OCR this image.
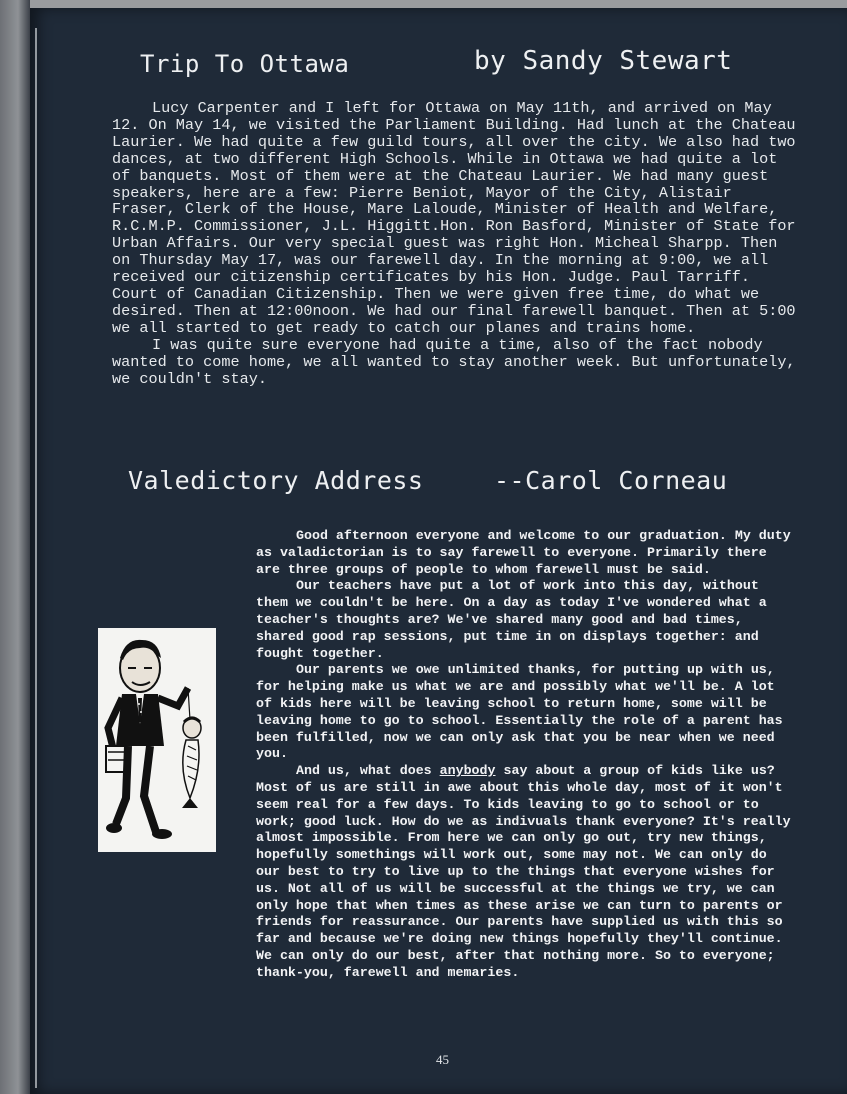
Trip To Ottawa	by Sandy Stewart

Lucy Carpenter and I left for Ottawa on May 11th, and arrived on May 12. On May 14, we visited the Parliament Building. Had lunch at the Chateau Laurier. We had quite a few guild tours, all over the city. We also had two dances, at two different High Schools. While in Ottawa we had quite a lot of banquets. Most of them were at the Chateau Laurier. We had many guest speakers, here are a few: Pierre Beniot, Mayor of the City, Alistair Fraser, Clerk of the House, Mare Laloude, Minister of Health and Welfare, R.C.M.P. Commissioner, J.L. Higgitt.Hon. Ron Basford, Minister of State for Urban Affairs. Our very special guest was right Hon. Micheal Sharpp. Then on Thursday May 17, was our farewell day. In the morning at 9:00, we all received our citizenship certificates by his Hon. Judge. Paul Tarriff. Court of Canadian Citizenship. Then we were given free time, do what we desired. Then at 12:00noon. We had our final farewell banquet. Then at 5:00 we all started to get ready to catch our planes and trains home.

I was quite sure everyone had quite a time, also of the fact nobody wanted to come home, we all wanted to stay another week. But unfortunately, we couldn't stay.

Valedictory Address	--Carol Corneau

Good afternoon everyone and welcome to our graduation. My duty as valadictorian is to say farewell to everyone. Primarily there are three groups of people to whom farewell must be said.

Our teachers have put a lot of work into this day, without them we couldn't be here. On a day as today I've wondered what a teacher's thoughts are? We've shared many good and bad times, shared good rap sessions, put time in on displays together: and fought together.

Our parents we owe unlimited thanks, for putting up with us, for helping make us what we are and possibly what we'll be. A lot of kids here will be leaving school to return home, some will be leaving home to go to school. Essentially the role of a parent has been fulfilled, now we can only ask that you be near when we need you.

And us, what does anybody say about a group of kids like us? Most of us are still in awe about this whole day, most of it won't seem real for a few days. To kids leaving to go to school or to work; good luck. How do we as indivuals thank everyone? It's really almost impossible. From here we can only go out, try new things, hopefully somethings will work out, some may not. We can only do our best to try to live up to the things that everyone wishes for us. Not all of us will be successful at the things we try, we can only hope that when times as these arise we can turn to parents or friends for reassurance. Our parents have supplied us with this so far and because we're doing new things hopefully they'll continue. We can only do our best, after that nothing more. So to everyone; thank-you, farewell and memaries.

45
